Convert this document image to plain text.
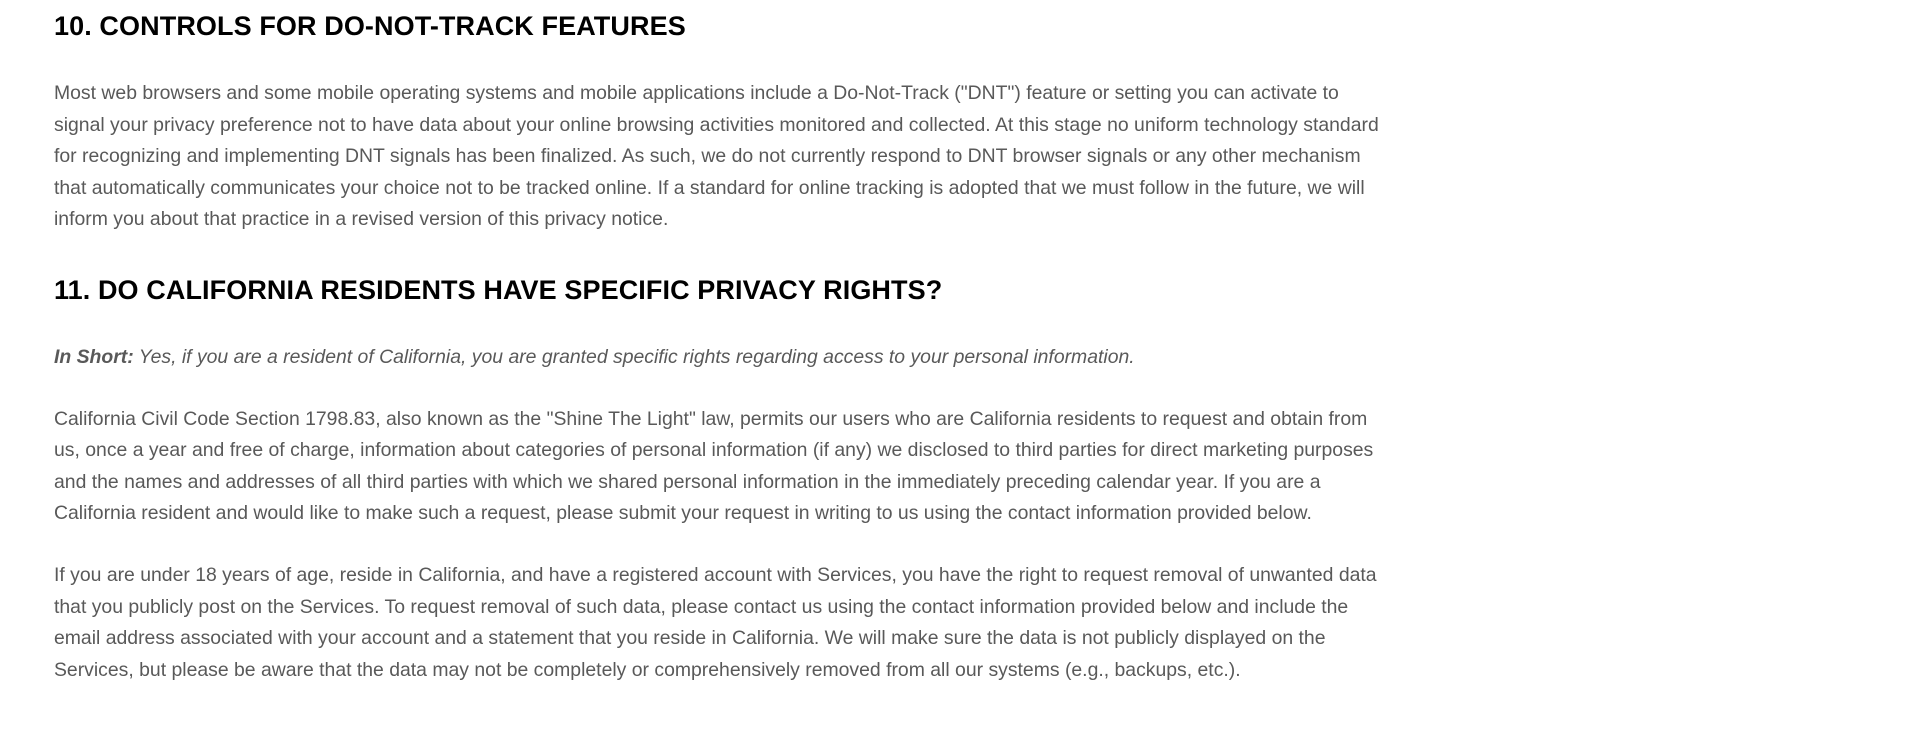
10. CONTROLS FOR DO-NOT-TRACK FEATURES

Most web browsers and some mobile operating systems and mobile applications include a Do-Not-Track ("DNT") feature or setting you can activate to signal your privacy preference not to have data about your online browsing activities monitored and collected. At this stage no uniform technology standard for recognizing and implementing DNT signals has been finalized. As such, we do not currently respond to DNT browser signals or any other mechanism that automatically communicates your choice not to be tracked online. If a standard for online tracking is adopted that we must follow in the future, we will inform you about that practice in a revised version of this privacy notice.

11. DO CALIFORNIA RESIDENTS HAVE SPECIFIC PRIVACY RIGHTS?

In Short: Yes, if you are a resident of California, you are granted specific rights regarding access to your personal information.

California Civil Code Section 1798.83, also known as the "Shine The Light" law, permits our users who are California residents to request and obtain from us, once a year and free of charge, information about categories of personal information (if any) we disclosed to third parties for direct marketing purposes and the names and addresses of all third parties with which we shared personal information in the immediately preceding calendar year. If you are a California resident and would like to make such a request, please submit your request in writing to us using the contact information provided below.

If you are under 18 years of age, reside in California, and have a registered account with Services, you have the right to request removal of unwanted data that you publicly post on the Services. To request removal of such data, please contact us using the contact information provided below and include the email address associated with your account and a statement that you reside in California. We will make sure the data is not publicly displayed on the Services, but please be aware that the data may not be completely or comprehensively removed from all our systems (e.g., backups, etc.).
